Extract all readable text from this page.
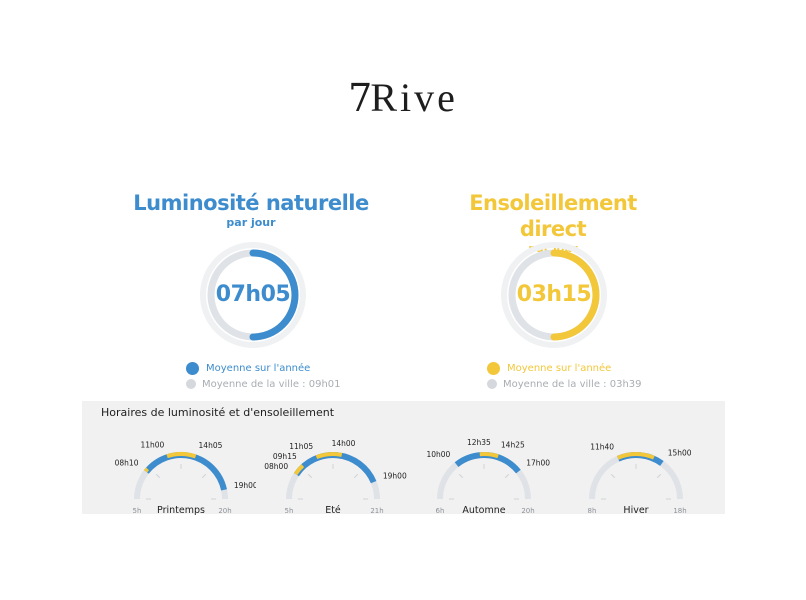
7Rive
Luminosité naturelle
par jour
07h05
Moyenne sur l'année
Moyenne de la ville : 09h01
Ensoleillement direct
par jour
03h15
Moyenne sur l'année
Moyenne de la ville : 03h39
Horaires de luminosité et d'ensoleillement
08h10
11h00	14h05
19h00
5h	20h
Printemps
08h00
09h15
11h05 14h00
19h00
5h	21h
Eté
10h00
12h35 14h25
17h00
6h	20h
Automne
11h40
15h00
8h	18h
Hiver
